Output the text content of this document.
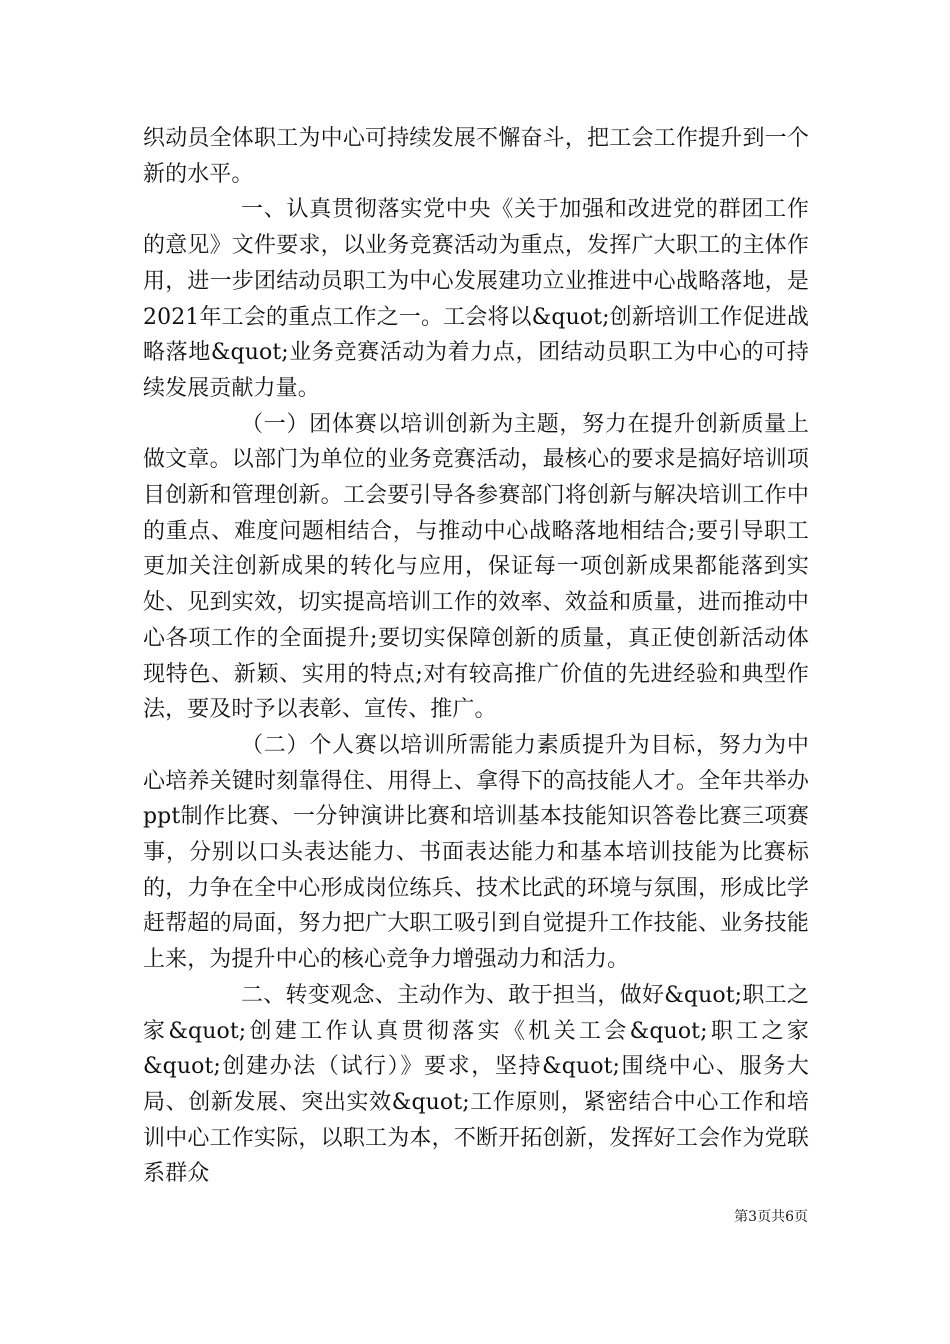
织动员全体职工为中心可持续发展不懈奋斗，把工会工作提升到一个新的水平。

一、认真贯彻落实党中央《关于加强和改进党的群团工作的意见》文件要求，以业务竞赛活动为重点，发挥广大职工的主体作用，进一步团结动员职工为中心发展建功立业推进中心战略落地，是2021年工会的重点工作之一。工会将以&quot;创新培训工作促进战略落地&quot;业务竞赛活动为着力点，团结动员职工为中心的可持续发展贡献力量。

（一）团体赛以培训创新为主题，努力在提升创新质量上做文章。以部门为单位的业务竞赛活动，最核心的要求是搞好培训项目创新和管理创新。工会要引导各参赛部门将创新与解决培训工作中的重点、难度问题相结合，与推动中心战略落地相结合;要引导职工更加关注创新成果的转化与应用，保证每一项创新成果都能落到实处、见到实效，切实提高培训工作的效率、效益和质量，进而推动中心各项工作的全面提升;要切实保障创新的质量，真正使创新活动体现特色、新颖、实用的特点;对有较高推广价值的先进经验和典型作法，要及时予以表彰、宣传、推广。

（二）个人赛以培训所需能力素质提升为目标，努力为中心培养关键时刻靠得住、用得上、拿得下的高技能人才。全年共举办ppt制作比赛、一分钟演讲比赛和培训基本技能知识答卷比赛三项赛事，分别以口头表达能力、书面表达能力和基本培训技能为比赛标的，力争在全中心形成岗位练兵、技术比武的环境与氛围，形成比学赶帮超的局面，努力把广大职工吸引到自觉提升工作技能、业务技能上来，为提升中心的核心竞争力增强动力和活力。

二、转变观念、主动作为、敢于担当，做好&quot;职工之家&quot;创建工作认真贯彻落实《机关工会&quot;职工之家&quot;创建办法（试行）》要求，坚持&quot;围绕中心、服务大局、创新发展、突出实效&quot;工作原则，紧密结合中心工作和培训中心工作实际，以职工为本，不断开拓创新，发挥好工会作为党联系群众

第3页共6页
